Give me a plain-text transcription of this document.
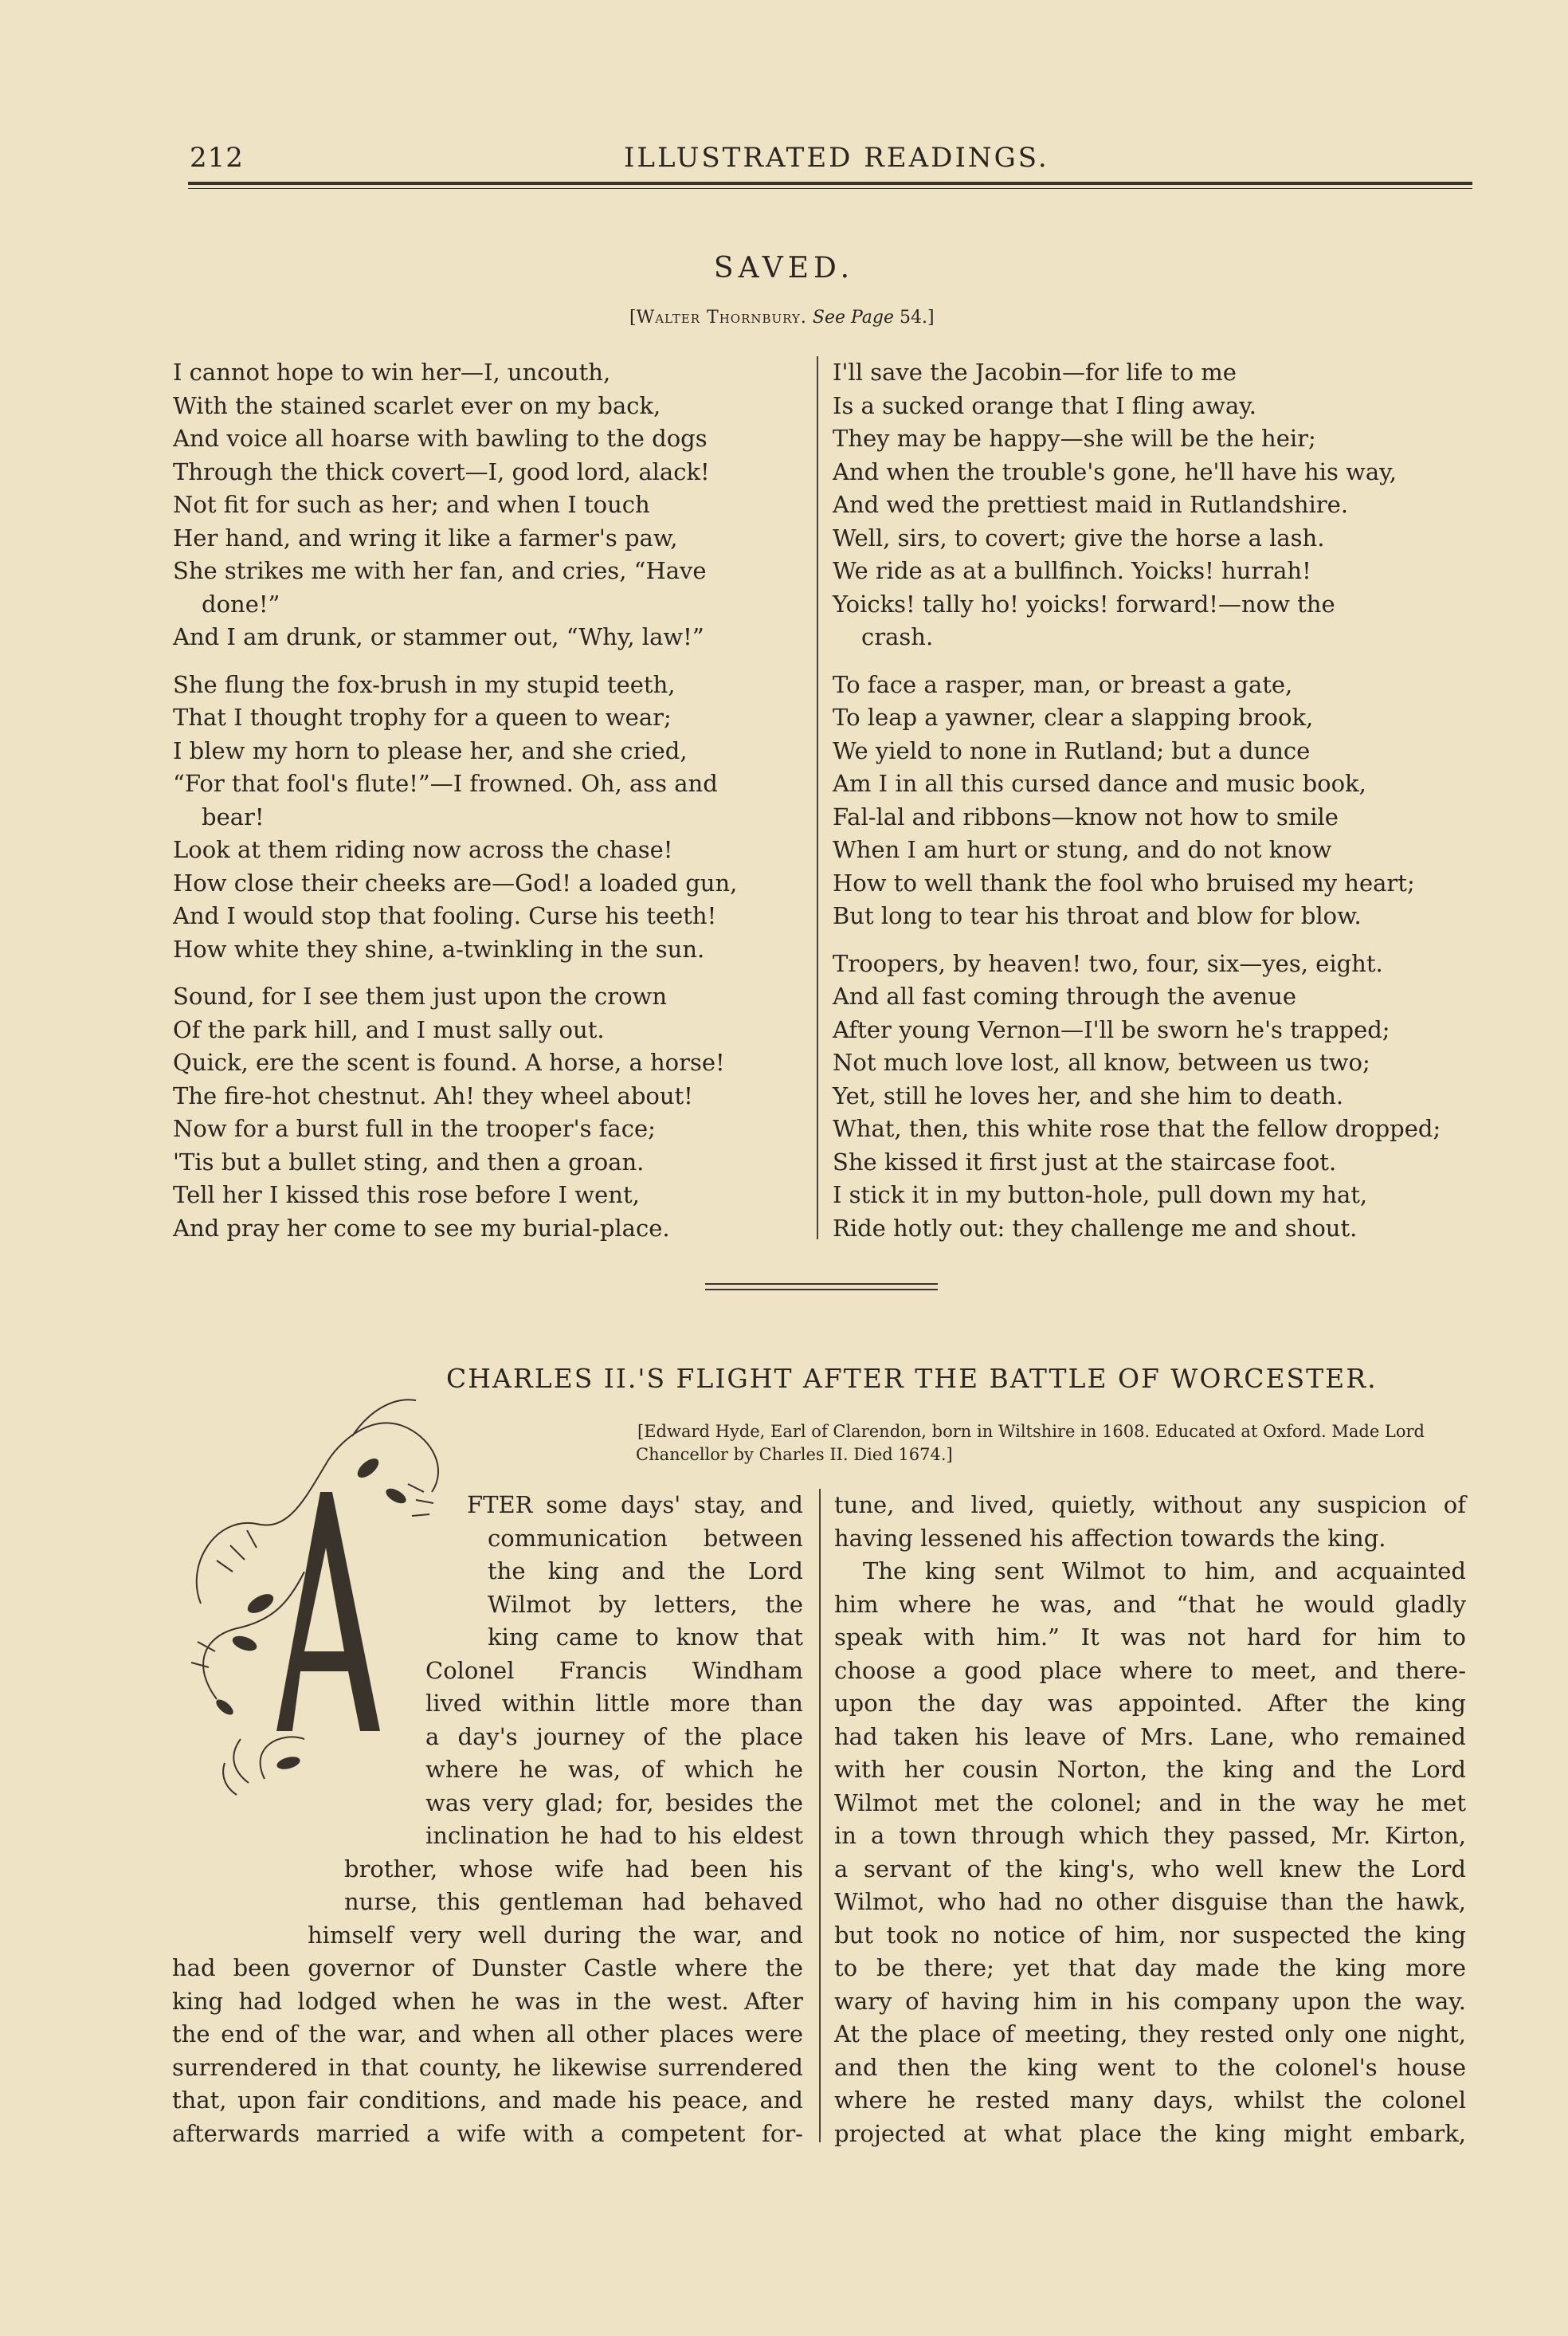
212	ILLUSTRATED READINGS.
SAVED.
[Walter Thornbury. See Page 54.]
I cannot hope to win her—I, uncouth,
With the stained scarlet ever on my back,
And voice all hoarse with bawling to the dogs
Through the thick covert—I, good lord, alack!
Not fit for such as her; and when I touch
Her hand, and wring it like a farmer's paw,
She strikes me with her fan, and cries, “Have
done!”
And I am drunk, or stammer out, “Why, law!”
She flung the fox-brush in my stupid teeth,
That I thought trophy for a queen to wear;
I blew my horn to please her, and she cried,
“For that fool's flute!”—I frowned. Oh, ass and
bear!
Look at them riding now across the chase!
How close their cheeks are—God! a loaded gun,
And I would stop that fooling. Curse his teeth!
How white they shine, a-twinkling in the sun.
Sound, for I see them just upon the crown
Of the park hill, and I must sally out.
Quick, ere the scent is found. A horse, a horse!
The fire-hot chestnut. Ah! they wheel about!
Now for a burst full in the trooper's face;
'Tis but a bullet sting, and then a groan.
Tell her I kissed this rose before I went,
And pray her come to see my burial-place.
I'll save the Jacobin—for life to me
Is a sucked orange that I fling away.
They may be happy—she will be the heir;
And when the trouble's gone, he'll have his way,
And wed the prettiest maid in Rutlandshire.
Well, sirs, to covert; give the horse a lash.
We ride as at a bullfinch. Yoicks! hurrah!
Yoicks! tally ho! yoicks! forward!—now the
crash.
To face a rasper, man, or breast a gate,
To leap a yawner, clear a slapping brook,
We yield to none in Rutland; but a dunce
Am I in all this cursed dance and music book,
Fal-lal and ribbons—know not how to smile
When I am hurt or stung, and do not know
How to well thank the fool who bruised my heart;
But long to tear his throat and blow for blow.
Troopers, by heaven! two, four, six—yes, eight.
And all fast coming through the avenue
After young Vernon—I'll be sworn he's trapped;
Not much love lost, all know, between us two;
Yet, still he loves her, and she him to death.
What, then, this white rose that the fellow dropped;
She kissed it first just at the staircase foot.
I stick it in my button-hole, pull down my hat,
Ride hotly out: they challenge me and shout.
CHARLES II.'S FLIGHT AFTER THE BATTLE OF WORCESTER.
[Edward Hyde, Earl of Clarendon, born in Wiltshire in 1608. Educated at Oxford. Made Lord
Chancellor by Charles II. Died 1674.]
A
FTER some days' stay, and
communication between
the king and the Lord
Wilmot by letters, the
king came to know that
Colonel Francis Windham
lived within little more than
a day's journey of the place
where he was, of which he
was very glad; for, besides the
inclination he had to his eldest
brother, whose wife had been his
nurse, this gentleman had behaved
himself very well during the war, and
had been governor of Dunster Castle where the
king had lodged when he was in the west. After
the end of the war, and when all other places were
surrendered in that county, he likewise surrendered
that, upon fair conditions, and made his peace, and
afterwards married a wife with a competent for-
tune, and lived, quietly, without any suspicion of
having lessened his affection towards the king.
The king sent Wilmot to him, and acquainted
him where he was, and “that he would gladly
speak with him.” It was not hard for him to
choose a good place where to meet, and there-
upon the day was appointed. After the king
had taken his leave of Mrs. Lane, who remained
with her cousin Norton, the king and the Lord
Wilmot met the colonel; and in the way he met
in a town through which they passed, Mr. Kirton,
a servant of the king's, who well knew the Lord
Wilmot, who had no other disguise than the hawk,
but took no notice of him, nor suspected the king
to be there; yet that day made the king more
wary of having him in his company upon the way.
At the place of meeting, they rested only one night,
and then the king went to the colonel's house
where he rested many days, whilst the colonel
projected at what place the king might embark,
